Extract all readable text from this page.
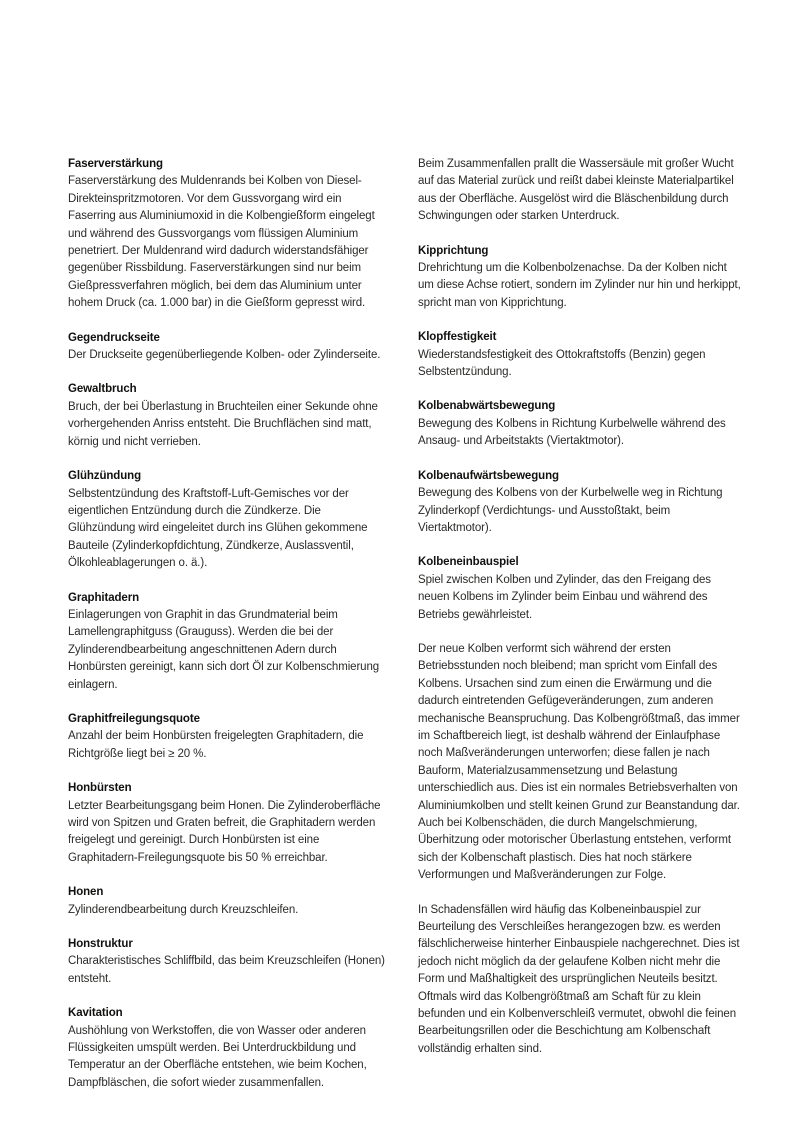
Faserverstärkung

Faserverstärkung des Muldenrands bei Kolben von Diesel-Direkteinspritzmotoren. Vor dem Gussvorgang wird ein Faserring aus Aluminiumoxid in die Kolbengießform eingelegt und während des Gussvorgangs vom flüssigen Aluminium penetriert. Der Muldenrand wird dadurch widerstandsfähiger gegenüber Rissbildung. Faserverstärkungen sind nur beim Gießpressverfahren möglich, bei dem das Aluminium unter hohem Druck (ca. 1.000 bar) in die Gießform gepresst wird.

Gegendruckseite

Der Druckseite gegenüberliegende Kolben- oder Zylinderseite.

Gewaltbruch

Bruch, der bei Überlastung in Bruchteilen einer Sekunde ohne vorhergehenden Anriss entsteht. Die Bruchflächen sind matt, körnig und nicht verrieben.

Glühzündung

Selbstentzündung des Kraftstoff-Luft-Gemisches vor der eigentlichen Entzündung durch die Zündkerze. Die Glühzündung wird eingeleitet durch ins Glühen gekommene Bauteile (Zylinderkopfdichtung, Zündkerze, Auslassventil, Ölkohleablagerungen o. ä.).

Graphitadern

Einlagerungen von Graphit in das Grundmaterial beim Lamellengraphitguss (Grauguss). Werden die bei der Zylinderendbearbeitung angeschnittenen Adern durch Honbürsten gereinigt, kann sich dort Öl zur Kolbenschmierung einlagern.

Graphitfreilegungsquote

Anzahl der beim Honbürsten freigelegten Graphitadern, die Richtgröße liegt bei ≥ 20 %.

Honbürsten

Letzter Bearbeitungsgang beim Honen. Die Zylinderoberfläche wird von Spitzen und Graten befreit, die Graphitadern werden freigelegt und gereinigt. Durch Honbürsten ist eine Graphitadern-Freilegungsquote bis 50 % erreichbar.

Honen

Zylinderendbearbeitung durch Kreuzschleifen.

Honstruktur

Charakteristisches Schliffbild, das beim Kreuzschleifen (Honen) entsteht.

Kavitation

Aushöhlung von Werkstoffen, die von Wasser oder anderen Flüssigkeiten umspült werden. Bei Unterdruckbildung und Temperatur an der Oberfläche entstehen, wie beim Kochen, Dampfbläschen, die sofort wieder zusammenfallen.

Beim Zusammenfallen prallt die Wassersäule mit großer Wucht auf das Material zurück und reißt dabei kleinste Materialpartikel aus der Oberfläche. Ausgelöst wird die Bläschenbildung durch Schwingungen oder starken Unterdruck.

Kipprichtung

Drehrichtung um die Kolbenbolzenachse. Da der Kolben nicht um diese Achse rotiert, sondern im Zylinder nur hin und herkippt, spricht man von Kipprichtung.

Klopffestigkeit

Wiederstandsfestigkeit des Ottokraftstoffs (Benzin) gegen Selbstentzündung.

Kolbenabwärtsbewegung

Bewegung des Kolbens in Richtung Kurbelwelle während des Ansaug- und Arbeitstakts (Viertaktmotor).

Kolbenaufwärtsbewegung

Bewegung des Kolbens von der Kurbelwelle weg in Richtung Zylinderkopf (Verdichtungs- und Ausstoßtakt, beim Viertaktmotor).

Kolbeneinbauspiel

Spiel zwischen Kolben und Zylinder, das den Freigang des neuen Kolbens im Zylinder beim Einbau und während des Betriebs gewährleistet.

Der neue Kolben verformt sich während der ersten Betriebsstunden noch bleibend; man spricht vom Einfall des Kolbens. Ursachen sind zum einen die Erwärmung und die dadurch eintretenden Gefügeveränderungen, zum anderen mechanische Beanspruchung. Das Kolbengrößtmaß, das immer im Schaftbereich liegt, ist deshalb während der Einlaufphase noch Maßveränderungen unterworfen; diese fallen je nach Bauform, Materialzusammensetzung und Belastung unterschiedlich aus. Dies ist ein normales Betriebsverhalten von Aluminiumkolben und stellt keinen Grund zur Beanstandung dar. Auch bei Kolbenschäden, die durch Mangelschmierung, Überhitzung oder motorischer Überlastung entstehen, verformt sich der Kolbenschaft plastisch. Dies hat noch stärkere Verformungen und Maßveränderungen zur Folge.

In Schadensfällen wird häufig das Kolbeneinbauspiel zur Beurteilung des Verschleißes herangezogen bzw. es werden fälschlicherweise hinterher Einbauspiele nachgerechnet. Dies ist jedoch nicht möglich da der gelaufene Kolben nicht mehr die Form und Maßhaltigkeit des ursprünglichen Neuteils besitzt. Oftmals wird das Kolbengrößtmaß am Schaft für zu klein befunden und ein Kolbenverschleiß vermutet, obwohl die feinen Bearbeitungsrillen oder die Beschichtung am Kolbenschaft vollständig erhalten sind.
